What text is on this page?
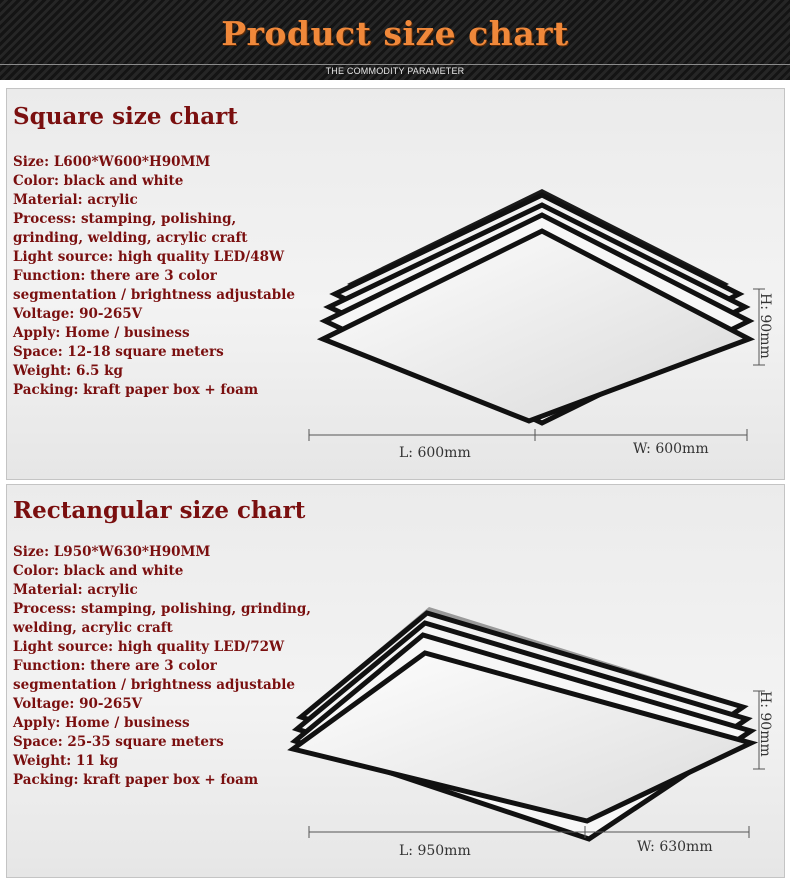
Product size chart
THE COMMODITY PARAMETER
Square size chart
Size: L600*W600*H90MM
Color: black and white
Material: acrylic
Process: stamping, polishing,
grinding, welding, acrylic craft
Light source: high quality LED/48W
Function: there are 3 color
segmentation / brightness adjustable
Voltage: 90-265V
Apply: Home / business
Space: 12-18 square meters
Weight: 6.5 kg
Packing: kraft paper box + foam
L: 600mm	W: 600mm
H: 90mm
Rectangular size chart
Size: L950*W630*H90MM
Color: black and white
Material: acrylic
Process: stamping, polishing, grinding,
welding, acrylic craft
Light source: high quality LED/72W
Function: there are 3 color
segmentation / brightness adjustable
Voltage: 90-265V
Apply: Home / business
Space: 25-35 square meters
Weight: 11 kg
Packing: kraft paper box + foam
L: 950mm	W: 630mm
H: 90mm
